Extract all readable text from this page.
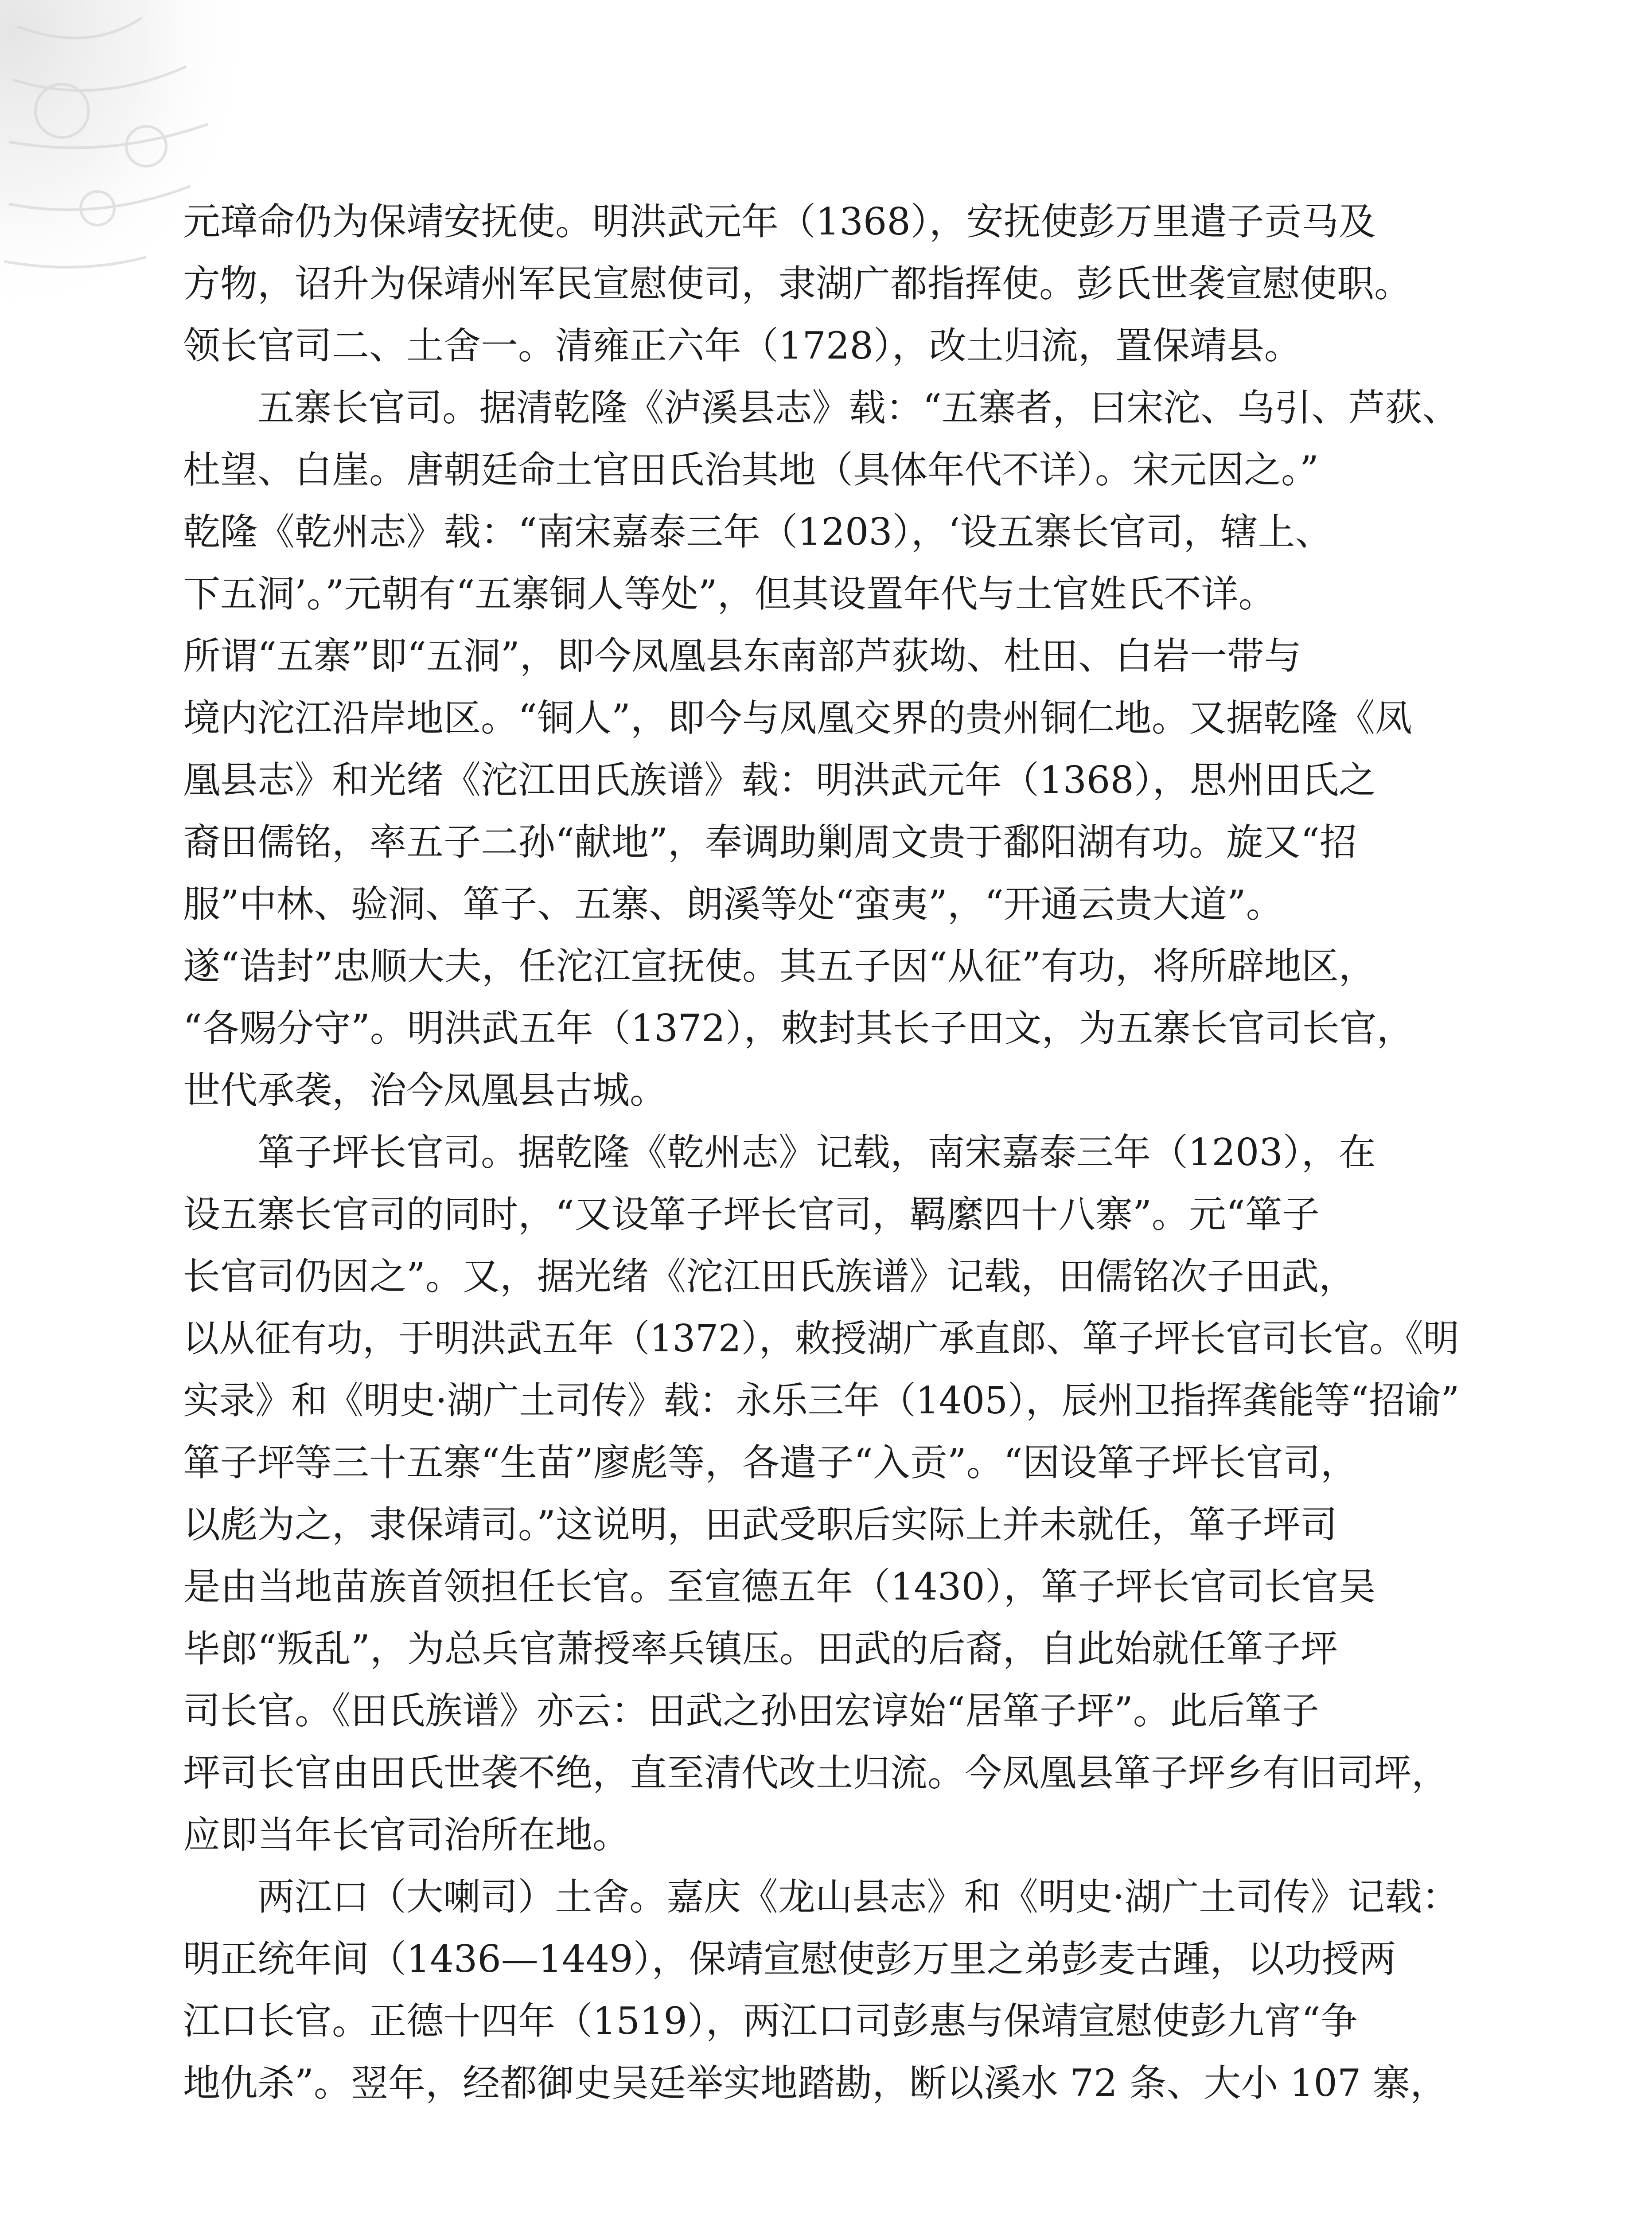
元璋命仍为保靖安抚使。明洪武元年（1368），安抚使彭万里遣子贡马及
方物，诏升为保靖州军民宣慰使司，隶湖广都指挥使。彭氏世袭宣慰使职。
领长官司二、土舍一。清雍正六年（1728），改土归流，置保靖县。
五寨长官司。据清乾隆《泸溪县志》载：“五寨者，曰宋沱、乌引、芦荻、
杜望、白崖。唐朝廷命土官田氏治其地（具体年代不详）。宋元因之。”
乾隆《乾州志》载：“南宋嘉泰三年（1203），‘设五寨长官司，辖上、
下五洞’。”元朝有“五寨铜人等处”，但其设置年代与土官姓氏不详。
所谓“五寨”即“五洞”，即今凤凰县东南部芦荻坳、杜田、白岩一带与
境内沱江沿岸地区。“铜人”，即今与凤凰交界的贵州铜仁地。又据乾隆《凤
凰县志》和光绪《沱江田氏族谱》载：明洪武元年（1368），思州田氏之
裔田儒铭，率五子二孙“献地”，奉调助剿周文贵于鄱阳湖有功。旋又“招
服”中林、验洞、箪子、五寨、朗溪等处“蛮夷”，“开通云贵大道”。
遂“诰封”忠顺大夫，任沱江宣抚使。其五子因“从征”有功，将所辟地区，
“各赐分守”。明洪武五年（1372），敕封其长子田文，为五寨长官司长官，
世代承袭，治今凤凰县古城。
箪子坪长官司。据乾隆《乾州志》记载，南宋嘉泰三年（1203），在
设五寨长官司的同时，“又设箪子坪长官司，羁縻四十八寨”。元“箪子
长官司仍因之”。又，据光绪《沱江田氏族谱》记载，田儒铭次子田武，
以从征有功，于明洪武五年（1372），敕授湖广承直郎、箪子坪长官司长官。《明
实录》和《明史·湖广土司传》载：永乐三年（1405），辰州卫指挥龚能等“招谕”
箪子坪等三十五寨“生苗”廖彪等，各遣子“入贡”。“因设箪子坪长官司，
以彪为之，隶保靖司。”这说明，田武受职后实际上并未就任，箪子坪司
是由当地苗族首领担任长官。至宣德五年（1430），箪子坪长官司长官吴
毕郎“叛乱”，为总兵官萧授率兵镇压。田武的后裔，自此始就任箪子坪
司长官。《田氏族谱》亦云：田武之孙田宏谆始“居箪子坪”。此后箪子
坪司长官由田氏世袭不绝，直至清代改土归流。今凤凰县箪子坪乡有旧司坪，
应即当年长官司治所在地。
两江口（大喇司）土舍。嘉庆《龙山县志》和《明史·湖广土司传》记载：
明正统年间（1436—1449），保靖宣慰使彭万里之弟彭麦古踵，以功授两
江口长官。正德十四年（1519），两江口司彭惠与保靖宣慰使彭九宵“争
地仇杀”。翌年，经都御史吴廷举实地踏勘，断以溪水 72 条、大小 107 寨，
